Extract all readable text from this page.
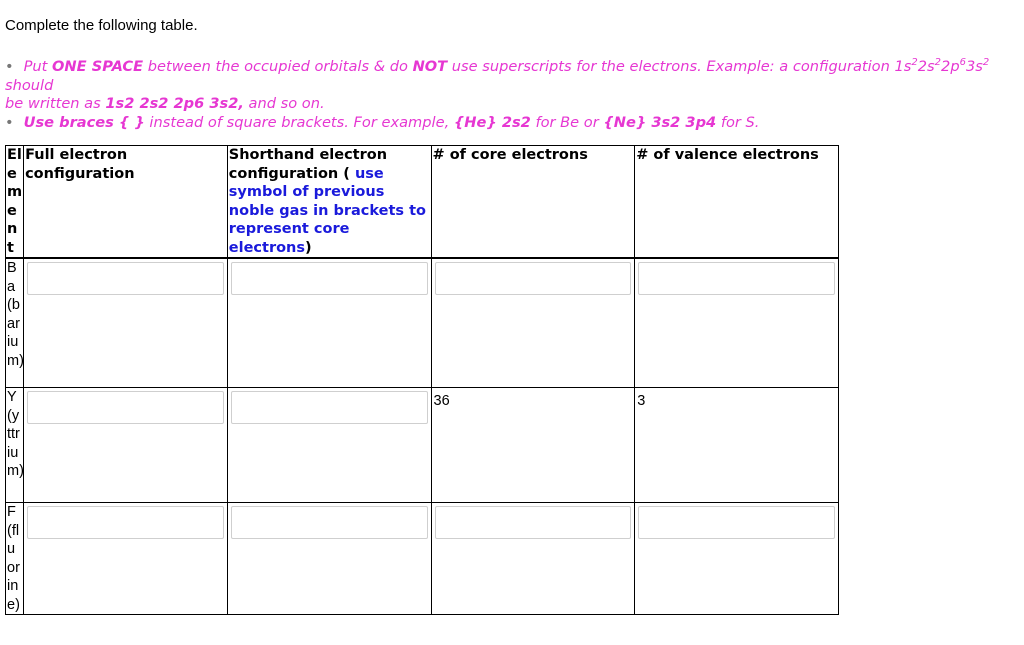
Complete the following table.
• Put ONE SPACE between the occupied orbitals & do NOT use superscripts for the electrons. Example: a configuration $1s^22s^22p^63s^2$ should
be written as 1s2 2s2 2p6 3s2, and so on.
• Use braces { } instead of square brackets. For example, {He} 2s2 for Be or {Ne} 3s2 3p4 for S.
Element	Full electron configuration	Shorthand electron configuration ( use symbol of previous noble gas in brackets to represent core electrons)	# of core electrons	# of valence electrons
Ba (barium)	

Y (yttrium)			36	3
F (fluorine)	
